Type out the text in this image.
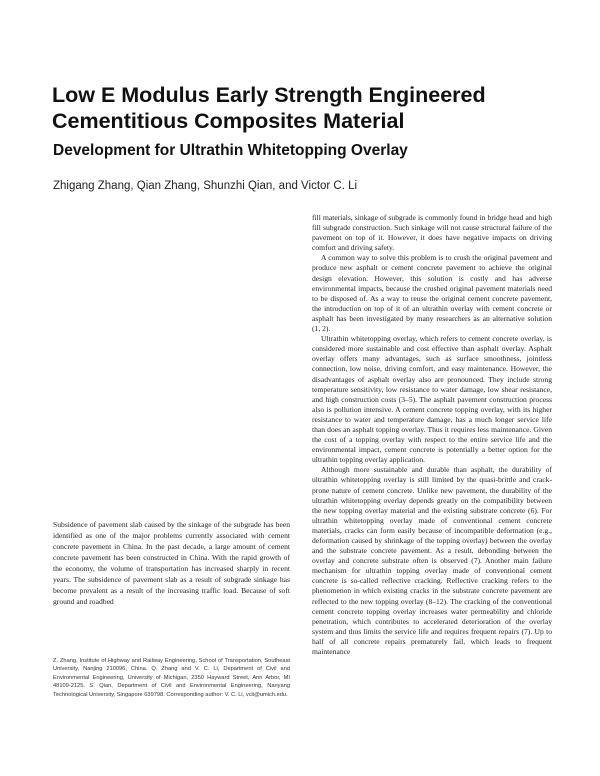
Low E Modulus Early Strength Engineered
Cementitious Composites Material
Development for Ultrathin Whitetopping Overlay
Zhigang Zhang, Qian Zhang, Shunzhi Qian, and Victor C. Li
Subsidence of pavement slab caused by the sinkage of the subgrade has been identified as one of the major problems currently associated with cement concrete pavement in China. In the past decade, a large amount of cement concrete pavement has been constructed in China. With the rapid growth of the economy, the volume of transportation has increased sharply in recent years. The subsidence of pavement slab as a result of subgrade sinkage has become prevalent as a result of the increasing traffic load. Because of soft ground and roadbed
Z. Zhang, Institute of Highway and Railway Engineering, School of Transportation, Southeast University, Nanjing 210096, China. Q. Zhang and V. C. Li, Department of Civil and Environmental Engineering, University of Michigan, 2350 Hayward Street, Ann Arbor, MI 48109-2125. S. Qian, Department of Civil and Environmental Engineering, Nanyang Technological University, Singapore 639798. Corresponding author: V. C. Li, vcli@umich.edu.

fill materials, sinkage of subgrade is commonly found in bridge head and high fill subgrade construction. Such sinkage will not cause structural failure of the pavement on top of it. However, it does have negative impacts on driving comfort and driving safety.

A common way to solve this problem is to crush the original pavement and produce new asphalt or cement concrete pavement to achieve the original design elevation. However, this solution is costly and has adverse environmental impacts, because the crushed original pavement materials need to be disposed of. As a way to reuse the original cement concrete pavement, the introduction on top of it of an ultrathin overlay with cement concrete or asphalt has been investigated by many researchers as an alternative solution (1, 2).

Ultrathin whitetopping overlay, which refers to cement concrete overlay, is considered more sustainable and cost effective than asphalt overlay. Asphalt overlay offers many advantages, such as surface smoothness, jointless connection, low noise, driving comfort, and easy maintenance. However, the disadvantages of asphalt overlay also are pronounced. They include strong temperature sensitivity, low resistance to water damage, low shear resistance, and high construction costs (3–5). The asphalt pavement construction process also is pollution intensive. A cement concrete topping overlay, with its higher resistance to water and temperature damage, has a much longer service life than does an asphalt topping overlay. Thus it requires less maintenance. Given the cost of a topping overlay with respect to the entire service life and the environmental impact, cement concrete is potentially a better option for the ultrathin topping overlay application.

Although more sustainable and durable than asphalt, the durability of ultrathin whitetopping overlay is still limited by the quasi-brittle and crack-prone nature of cement concrete. Unlike new pavement, the durability of the ultrathin whitetopping overlay depends greatly on the compatibility between the new topping overlay material and the existing substrate concrete (6). For ultrathin whitetopping overlay made of conventional cement concrete materials, cracks can form easily because of incompatible deformation (e.g., deformation caused by shrinkage of the topping overlay) between the overlay and the substrate concrete pavement. As a result, debonding between the overlay and concrete substrate often is observed (7). Another main failure mechanism for ultrathin topping overlay made of conventional cement concrete is so-called reflective cracking. Reflective cracking refers to the phenomenon in which existing cracks in the substrate concrete pavement are reflected to the new topping overlay (8–12). The cracking of the conventional cement concrete topping overlay increases water permeability and chloride penetration, which contributes to accelerated deterioration of the overlay system and thus limits the service life and requires frequent repairs (7). Up to half of all concrete repairs prematurely fail, which leads to frequent maintenance
